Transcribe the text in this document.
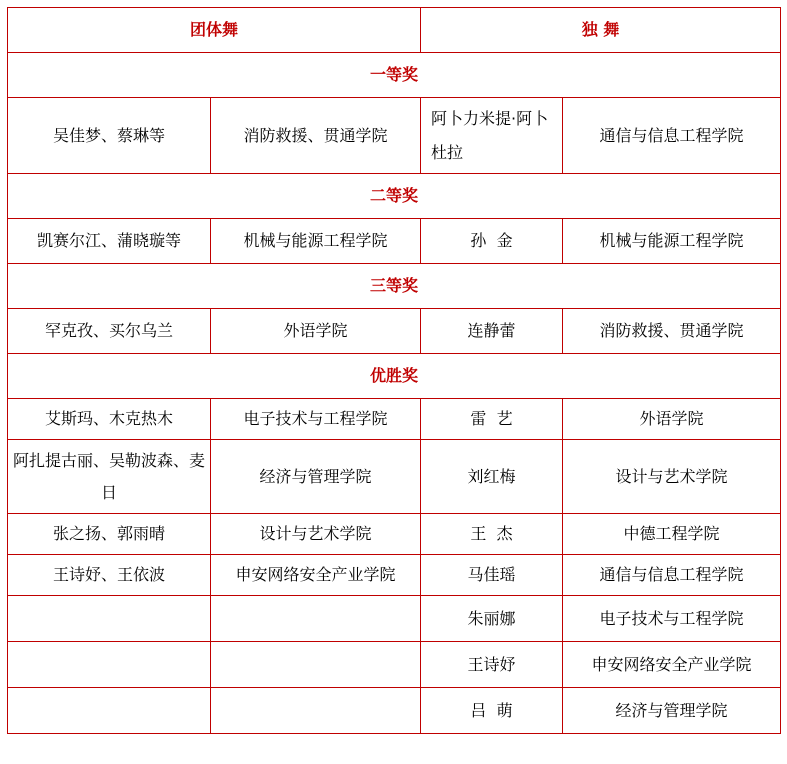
团体舞		独 舞	
一等奖			
吴佳梦、蔡琳等	消防救援、贯通学院	阿卜力米提·阿卜杜拉	通信与信息工程学院
二等奖			
凯赛尔江、蒲晓璇等	机械与能源工程学院	孙  金	机械与能源工程学院
三等奖			
罕克孜、买尔乌兰	外语学院	连静蕾	消防救援、贯通学院
优胜奖			
艾斯玛、木克热木	电子技术与工程学院	雷  艺	外语学院
阿扎提古丽、吴勒波森、麦日	经济与管理学院	刘红梅	设计与艺术学院
张之扬、郭雨晴	设计与艺术学院	王  杰	中德工程学院
王诗妤、王依波	申安网络安全产业学院	马佳瑶	通信与信息工程学院
		朱丽娜	电子技术与工程学院
		王诗妤	申安网络安全产业学院
		吕  萌	经济与管理学院
